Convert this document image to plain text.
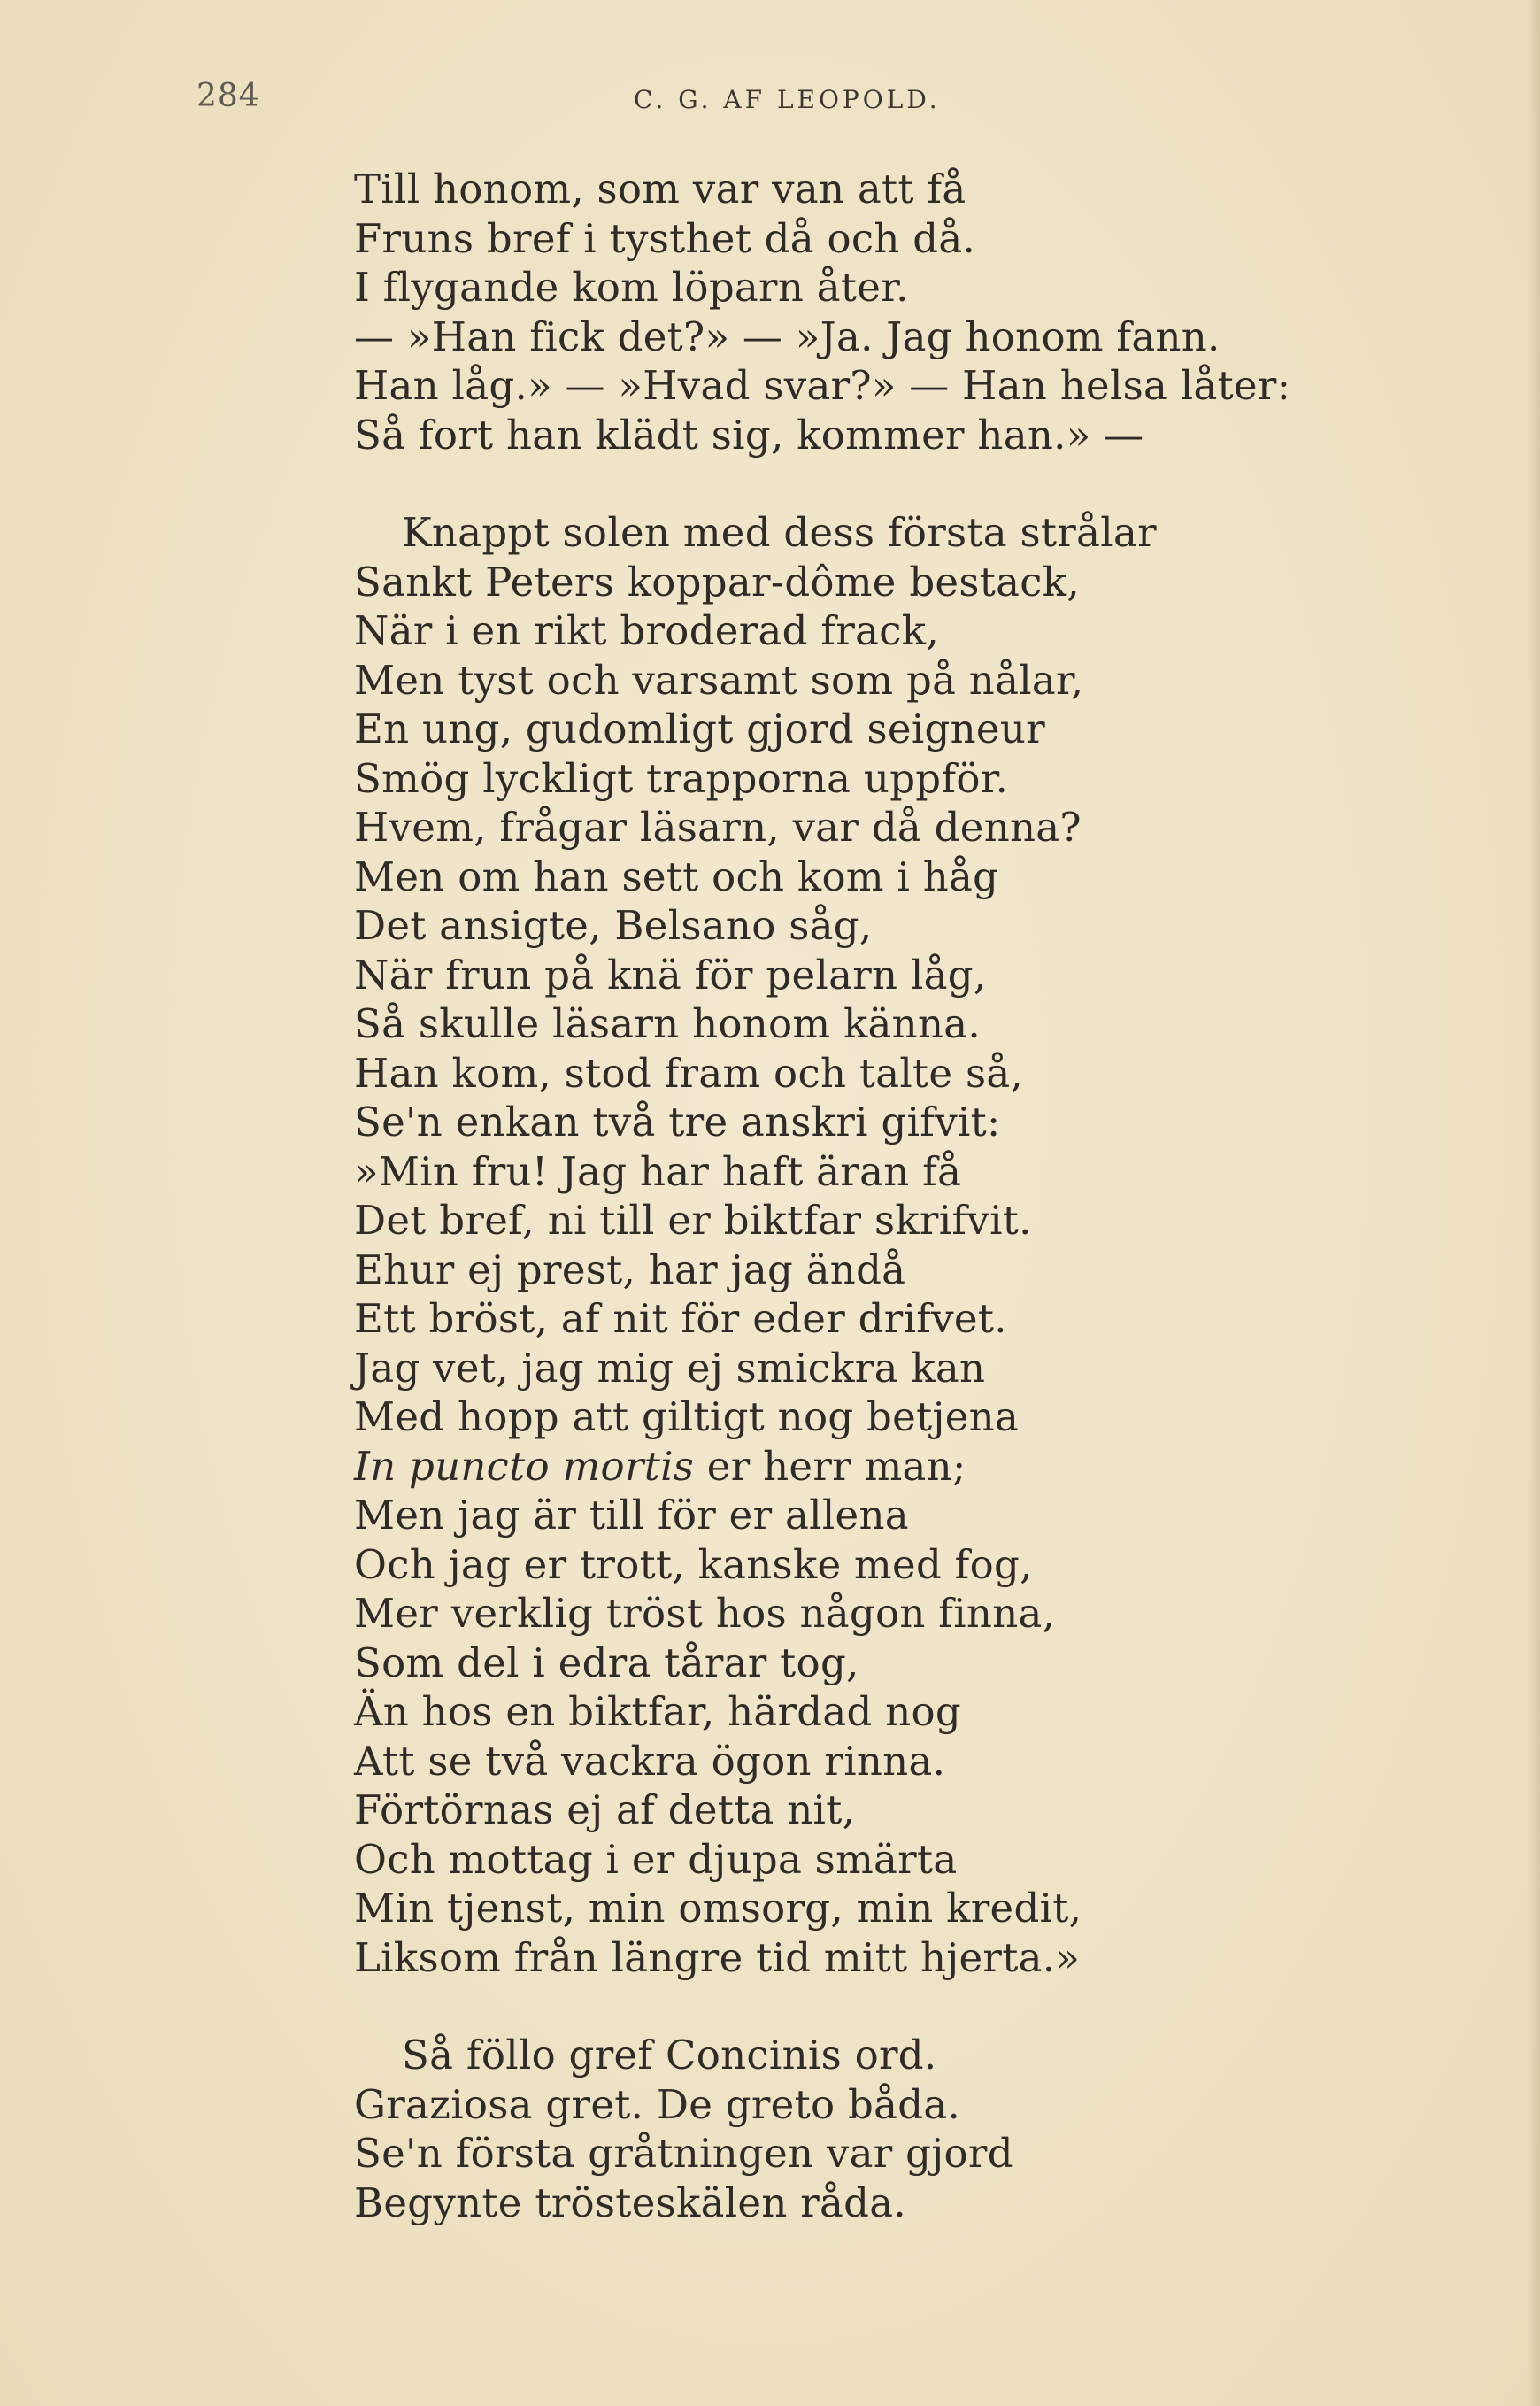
284	C. G. AF LEOPOLD.
Till honom, som var van att få
Fruns bref i tysthet då och då.
I flygande kom löparn åter.
— »Han fick det?» — »Ja. Jag honom fann.
Han låg.» — »Hvad svar?» — Han helsa låter:
Så fort han klädt sig, kommer han.» —
Knappt solen med dess första strålar
Sankt Peters koppar-dôme bestack,
När i en rikt broderad frack,
Men tyst och varsamt som på nålar,
En ung, gudomligt gjord seigneur
Smög lyckligt trapporna uppför.
Hvem, frågar läsarn, var då denna?
Men om han sett och kom i håg
Det ansigte, Belsano såg,
När frun på knä för pelarn låg,
Så skulle läsarn honom känna.
Han kom, stod fram och talte så,
Se'n enkan två tre anskri gifvit:
»Min fru! Jag har haft äran få
Det bref, ni till er biktfar skrifvit.
Ehur ej prest, har jag ändå
Ett bröst, af nit för eder drifvet.
Jag vet, jag mig ej smickra kan
Med hopp att giltigt nog betjena
In puncto mortis er herr man;
Men jag är till för er allena
Och jag er trott, kanske med fog,
Mer verklig tröst hos någon finna,
Som del i edra tårar tog,
Än hos en biktfar, härdad nog
Att se två vackra ögon rinna.
Förtörnas ej af detta nit,
Och mottag i er djupa smärta
Min tjenst, min omsorg, min kredit,
Liksom från längre tid mitt hjerta.»
Så föllo gref Concinis ord.
Graziosa gret. De greto båda.
Se'n första gråtningen var gjord
Begynte trösteskälen råda.
